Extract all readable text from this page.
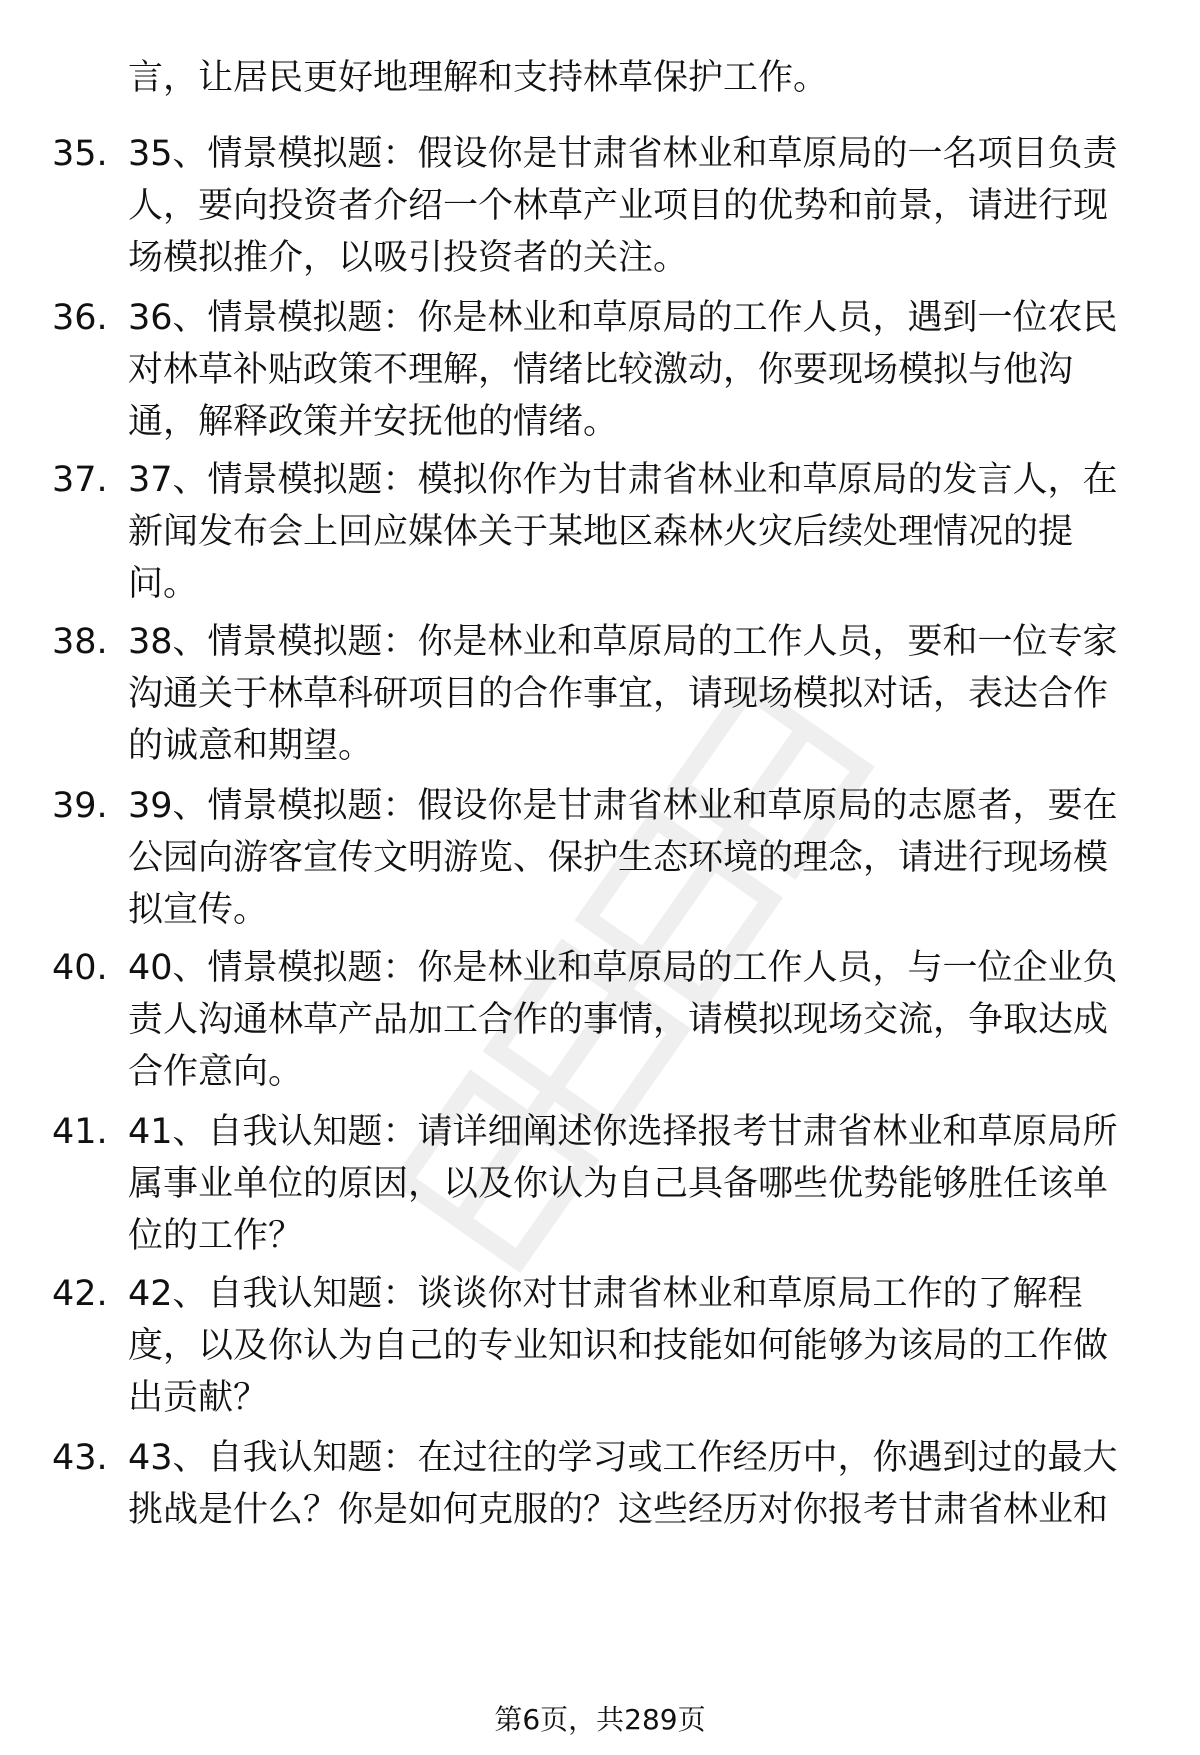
言，让居民更好地理解和支持林草保护工作。

35. 35、情景模拟题：假设你是甘肃省林业和草原局的一名项目负责人，要向投资者介绍一个林草产业项目的优势和前景，请进行现场模拟推介，以吸引投资者的关注。

36. 36、情景模拟题：你是林业和草原局的工作人员，遇到一位农民对林草补贴政策不理解，情绪比较激动，你要现场模拟与他沟通，解释政策并安抚他的情绪。

37. 37、情景模拟题：模拟你作为甘肃省林业和草原局的发言人，在新闻发布会上回应媒体关于某地区森林火灾后续处理情况的提问。

38. 38、情景模拟题：你是林业和草原局的工作人员，要和一位专家沟通关于林草科研项目的合作事宜，请现场模拟对话，表达合作的诚意和期望。

39. 39、情景模拟题：假设你是甘肃省林业和草原局的志愿者，要在公园向游客宣传文明游览、保护生态环境的理念，请进行现场模拟宣传。

40. 40、情景模拟题：你是林业和草原局的工作人员，与一位企业负责人沟通林草产品加工合作的事情，请模拟现场交流，争取达成合作意向。

41. 41、自我认知题：请详细阐述你选择报考甘肃省林业和草原局所属事业单位的原因，以及你认为自己具备哪些优势能够胜任该单位的工作？

42. 42、自我认知题：谈谈你对甘肃省林业和草原局工作的了解程度，以及你认为自己的专业知识和技能如何能够为该局的工作做出贡献？

43. 43、自我认知题：在过往的学习或工作经历中，你遇到过的最大挑战是什么？你是如何克服的？这些经历对你报考甘肃省林业和

第6页，共289页
